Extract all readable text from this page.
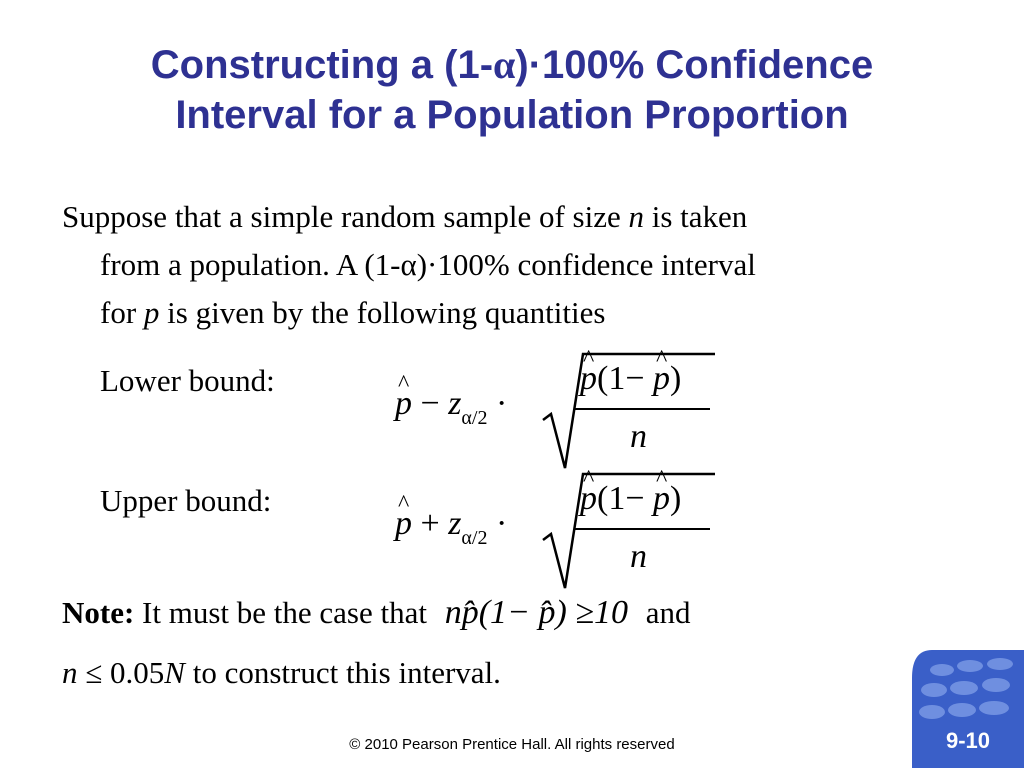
Constructing a (1-α)·100% Confidence
Interval for a Population Proportion
Suppose that a simple random sample of size n is taken
from a population. A (1-α)·100% confidence interval
for p is given by the following quantities
Lower bound:
^ $p - z_{\alpha/2}$ ·
^ p(1− ^ p)
n
Upper bound:
^ $p + z_{\alpha/2}$ ·
^ p(1− ^ p)
n
Note: It must be the case that np̂(1− p̂) ≥10 and
n ≤ 0.05N to construct this interval.
9-10
© 2010 Pearson Prentice Hall. All rights reserved
